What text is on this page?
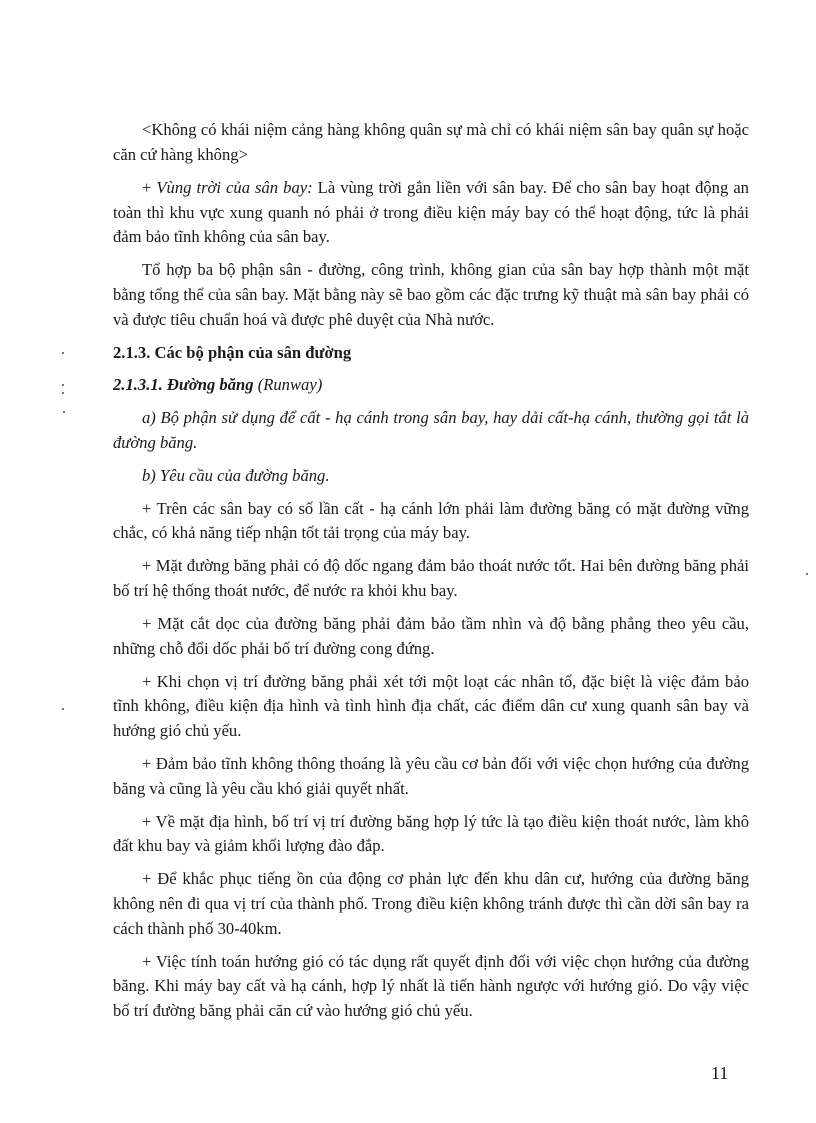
<Không có khái niệm cảng hàng không quân sự mà chỉ có khái niệm sân bay quân sự hoặc căn cứ hàng không>

+ Vùng trời của sân bay: Là vùng trời gắn liền với sân bay. Để cho sân bay hoạt động an toàn thì khu vực xung quanh nó phải ở trong điều kiện máy bay có thể hoạt động, tức là phải đảm bảo tĩnh không của sân bay.

Tổ hợp ba bộ phận sân - đường, công trình, không gian của sân bay hợp thành một mặt bằng tổng thể của sân bay. Mặt bằng này sẽ bao gồm các đặc trưng kỹ thuật mà sân bay phải có và được tiêu chuẩn hoá và được phê duyệt của Nhà nước.

2.1.3. Các bộ phận của sân đường
2.1.3.1. Đường băng (Runway)

a) Bộ phận sử dụng để cất - hạ cánh trong sân bay, hay dải cất-hạ cánh, thường gọi tắt là đường băng.

b) Yêu cầu của đường băng.

+ Trên các sân bay có số lần cất - hạ cánh lớn phải làm đường băng có mặt đường vững chắc, có khả năng tiếp nhận tốt tải trọng của máy bay.

+ Mặt đường băng phải có độ dốc ngang đảm bảo thoát nước tốt. Hai bên đường băng phải bố trí hệ thống thoát nước, để nước ra khỏi khu bay.

+ Mặt cắt dọc của đường băng phải đảm bảo tầm nhìn và độ bằng phẳng theo yêu cầu, những chỗ đổi dốc phải bố trí đường cong đứng.

+ Khi chọn vị trí đường băng phải xét tới một loạt các nhân tố, đặc biệt là việc đảm bảo tĩnh không, điều kiện địa hình và tình hình địa chất, các điểm dân cư xung quanh sân bay và hướng gió chủ yếu.

+ Đảm bảo tĩnh không thông thoáng là yêu cầu cơ bản đối với việc chọn hướng của đường băng và cũng là yêu cầu khó giải quyết nhất.

+ Về mặt địa hình, bố trí vị trí đường băng hợp lý tức là tạo điều kiện thoát nước, làm khô đất khu bay và giảm khối lượng đào đắp.

+ Để khắc phục tiếng ồn của động cơ phản lực đến khu dân cư, hướng của đường băng không nên đi qua vị trí của thành phố. Trong điều kiện không tránh được thì cần dời sân bay ra cách thành phố 30-40km.

+ Việc tính toán hướng gió có tác dụng rất quyết định đối với việc chọn hướng của đường băng. Khi máy bay cất và hạ cánh, hợp lý nhất là tiến hành ngược với hướng gió. Do vậy việc bố trí đường băng phải căn cứ vào hướng gió chủ yếu.

11
